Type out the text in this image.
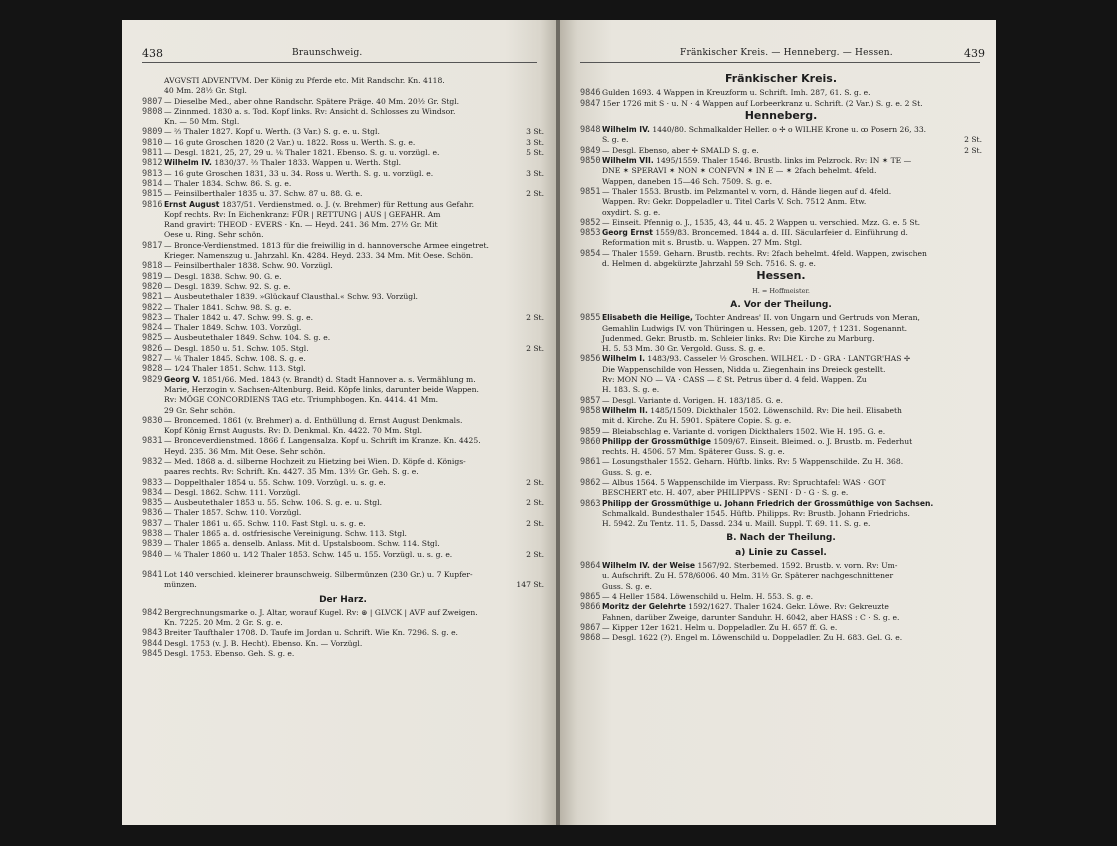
438	Braunschweig.
AVGVSTI ADVENTVM. Der König zu Pferde etc. Mit Randschr. Kn. 4118.
40 Mm. 28½ Gr. Stgl.
9807 — Dieselbe Med., aber ohne Randschr. Spätere Präge. 40 Mm. 20½ Gr. Stgl.
9808 — Zinnmed. 1830 a. s. Tod. Kopf links. Rv: Ansicht d. Schlosses zu Windsor.
Kn. — 50 Mm. Stgl.
9809 — ⅔ Thaler 1827. Kopf u. Werth. (3 Var.) S. g. e. u. Stgl.	3 St.
9810 — 16 gute Groschen 1820 (2 Var.) u. 1822. Ross u. Werth. S. g. e.	3 St.
9811 — Desgl. 1821, 25, 27, 29 u. ⅙ Thaler 1821. Ebenso. S. g. u. vorzügl. e.	5 St.
9812 Wilhelm IV. 1830/37. ⅔ Thaler 1833. Wappen u. Werth. Stgl.
9813 — 16 gute Groschen 1831, 33 u. 34. Ross u. Werth. S. g. u. vorzügl. e.	3 St.
9814 — Thaler 1834. Schw. 86. S. g. e.
9815 — Feinsilberthaler 1835 u. 37. Schw. 87 u. 88. G. e.	2 St.
9816 Ernst August 1837/51. Verdienstmed. o. J. (v. Brehmer) für Rettung aus Gefahr.
Kopf rechts. Rv: In Eichenkranz: FÜR | RETTUNG | AUS | GEFAHR. Am
Rand gravirt: THEOD · EVERS · Kn. — Heyd. 241. 36 Mm. 27½ Gr. Mit
Oese u. Ring. Sehr schön.
9817 — Bronce-Verdienstmed. 1813 für die freiwillig in d. hannoversche Armee eingetret.
Krieger. Namenszug u. Jahrzahl. Kn. 4284. Heyd. 233. 34 Mm. Mit Oese. Schön.
9818 — Feinsilberthaler 1838. Schw. 90. Vorzügl.
9819 — Desgl. 1838. Schw. 90. G. e.
9820 — Desgl. 1839. Schw. 92. S. g. e.
9821 — Ausbeutethaler 1839. »Glückauf Clausthal.« Schw. 93. Vorzügl.
9822 — Thaler 1841. Schw. 98. S. g. e.
9823 — Thaler 1842 u. 47. Schw. 99. S. g. e.	2 St.
9824 — Thaler 1849. Schw. 103. Vorzügl.
9825 — Ausbeutethaler 1849. Schw. 104. S. g. e.
9826 — Desgl. 1850 u. 51. Schw. 105. Stgl.	2 St.
9827 — ⅙ Thaler 1845. Schw. 108. S. g. e.
9828 — 1⁄24 Thaler 1851. Schw. 113. Stgl.
9829 Georg V. 1851/66. Med. 1843 (v. Brandt) d. Stadt Hannover a. s. Vermählung m.
Marie, Herzogin v. Sachsen-Altenburg. Beid. Köpfe links, darunter beide Wappen.
Rv: MÖGE CONCORDIENS TAG etc. Triumphbogen. Kn. 4414. 41 Mm.
29 Gr. Sehr schön.
9830 — Broncemed. 1861 (v. Brehmer) a. d. Enthüllung d. Ernst August Denkmals.
Kopf König Ernst Augusts. Rv: D. Denkmal. Kn. 4422. 70 Mm. Stgl.
9831 — Bronceverdienstmed. 1866 f. Langensalza. Kopf u. Schrift im Kranze. Kn. 4425.
Heyd. 235. 36 Mm. Mit Oese. Sehr schön.
9832 — Med. 1868 a. d. silberne Hochzeit zu Hietzing bei Wien. D. Köpfe d. Königs-
paares rechts. Rv: Schrift. Kn. 4427. 35 Mm. 13½ Gr. Geh. S. g. e.
9833 — Doppelthaler 1854 u. 55. Schw. 109. Vorzügl. u. s. g. e.	2 St.
9834 — Desgl. 1862. Schw. 111. Vorzügl.
9835 — Ausbeutethaler 1853 u. 55. Schw. 106. S. g. e. u. Stgl.	2 St.
9836 — Thaler 1857. Schw. 110. Vorzügl.
9837 — Thaler 1861 u. 65. Schw. 110. Fast Stgl. u. s. g. e.	2 St.
9838 — Thaler 1865 a. d. ostfriesische Vereinigung. Schw. 113. Stgl.
9839 — Thaler 1865 a. denselb. Anlass. Mit d. Upstalsboom. Schw. 114. Stgl.
9840 — ⅙ Thaler 1860 u. 1⁄12 Thaler 1853. Schw. 145 u. 155. Vorzügl. u. s. g. e.	2 St.
9841 Lot 140 verschied. kleinerer braunschweig. Silbermünzen (230 Gr.) u. 7 Kupfer-
münzen.	147 St.
Der Harz.
9842 Bergrechnungsmarke o. J. Altar, worauf Kugel. Rv: ⊛ | GLVCK | AVF auf Zweigen.
Kn. 7225. 20 Mm. 2 Gr. S. g. e.
9843 Breiter Taufthaler 1708. D. Taufe im Jordan u. Schrift. Wie Kn. 7296. S. g. e.
9844 Desgl. 1753 (v. J. B. Hecht). Ebenso. Kn. — Vorzügl.
9845 Desgl. 1753. Ebenso. Geh. S. g. e.
Fränkischer Kreis. — Henneberg. — Hessen.	439
Fränkischer Kreis.
9846 Gulden 1693. 4 Wappen in Kreuzform u. Schrift. Imh. 287, 61. S. g. e.
9847 15er 1726 mit S · u. N · 4 Wappen auf Lorbeerkranz u. Schrift. (2 Var.) S. g. e. 2 St.
Henneberg.
9848 Wilhelm IV. 1440/80. Schmalkalder Heller. o ✢ o WILHE Krone u. ꝏ Posern 26, 33.
S. g. e.	2 St.
9849 — Desgl. Ebenso, aber ✢ SMALD S. g. e.	2 St.
9850 Wilhelm VII. 1495/1559. Thaler 1546. Brustb. links im Pelzrock. Rv: IN ✶ TE —
DNE ✶ SPERAVI ✶ NON ✶ CONFVN ✶ IN E — ✶ 2fach behelmt. 4feld.
Wappen, daneben 15—46 Sch. 7509. S. g. e.
9851 — Thaler 1553. Brustb. im Pelzmantel v. vorn, d. Hände liegen auf d. 4feld.
Wappen. Rv: Gekr. Doppeladler u. Titel Carls V. Sch. 7512 Anm. Etw.
oxydirt. S. g. e.
9852 — Einseit. Pfennig o. J., 1535, 43, 44 u. 45. 2 Wappen u. verschied. Mzz. G. e. 5 St.
9853 Georg Ernst 1559/83. Broncemed. 1844 a. d. III. Säcularfeier d. Einführung d.
Reformation mit s. Brustb. u. Wappen. 27 Mm. Stgl.
9854 — Thaler 1559. Geharn. Brustb. rechts. Rv: 2fach behelmt. 4feld. Wappen, zwischen
d. Helmen d. abgekürzte Jahrzahl 59 Sch. 7516. S. g. e.
Hessen.
H. = Hoffmeister.
A. Vor der Theilung.
9855 Elisabeth die Heilige, Tochter Andreas' II. von Ungarn und Gertruds von Meran,
Gemahlin Ludwigs IV. von Thüringen u. Hessen, geb. 1207, † 1231. Sogenannt.
Judenmed. Gekr. Brustb. m. Schleier links. Rv: Die Kirche zu Marburg.
H. 5. 53 Mm. 30 Gr. Vergold. Guss. S. g. e.
9856 Wilhelm I. 1483/93. Casseler ½ Groschen. WILHƐL · D · GRA · LANTGR'HAS ✢
Die Wappenschilde von Hessen, Nidda u. Ziegenhain ins Dreieck gestellt.
Rv: MON NO — VA · CASS — Ɛ St. Petrus über d. 4 feld. Wappen. Zu
H. 183. S. g. e.
9857 — Desgl. Variante d. Vorigen. H. 183/185. G. e.
9858 Wilhelm II. 1485/1509. Dickthaler 1502. Löwenschild. Rv: Die heil. Elisabeth
mit d. Kirche. Zu H. 5901. Spätere Copie. S. g. e.
9859 — Bleiabschlag e. Variante d. vorigen Dickthalers 1502. Wie H. 195. G. e.
9860 Philipp der Grossmüthige 1509/67. Einseit. Bleimed. o. J. Brustb. m. Federhut
rechts. H. 4506. 57 Mm. Späterer Guss. S. g. e.
9861 — Losungsthaler 1552. Geharn. Hüftb. links. Rv: 5 Wappenschilde. Zu H. 368.
Guss. S. g. e.
9862 — Albus 1564. 5 Wappenschilde im Vierpass. Rv: Spruchtafel: WAS · GOT
BESCHERT etc. H. 407, aber PHILIPPVS · SENI · D · G · S. g. e.
9863 Philipp der Grossmüthige u. Johann Friedrich der Grossmüthige von Sachsen.
Schmalkald. Bundesthaler 1545. Hüftb. Philipps. Rv: Brustb. Johann Friedrichs.
H. 5942. Zu Tentz. 11. 5, Dassd. 234 u. Maill. Suppl. T. 69. 11. S. g. e.
B. Nach der Theilung.
a) Linie zu Cassel.
9864 Wilhelm IV. der Weise 1567/92. Sterbemed. 1592. Brustb. v. vorn. Rv: Um-
u. Aufschrift. Zu H. 578/6006. 40 Mm. 31½ Gr. Späterer nachgeschnittener
Guss. S. g. e.
9865 — 4 Heller 1584. Löwenschild u. Helm. H. 553. S. g. e.
9866 Moritz der Gelehrte 1592/1627. Thaler 1624. Gekr. Löwe. Rv: Gekreuzte
Fahnen, darüber Zweige, darunter Sanduhr. H. 6042, aber HASS : C · S. g. e.
9867 — Kipper 12er 1621. Helm u. Doppeladler. Zu H. 657 ff. G. e.
9868 — Desgl. 1622 (?). Engel m. Löwenschild u. Doppeladler. Zu H. 683. Gel. G. e.
